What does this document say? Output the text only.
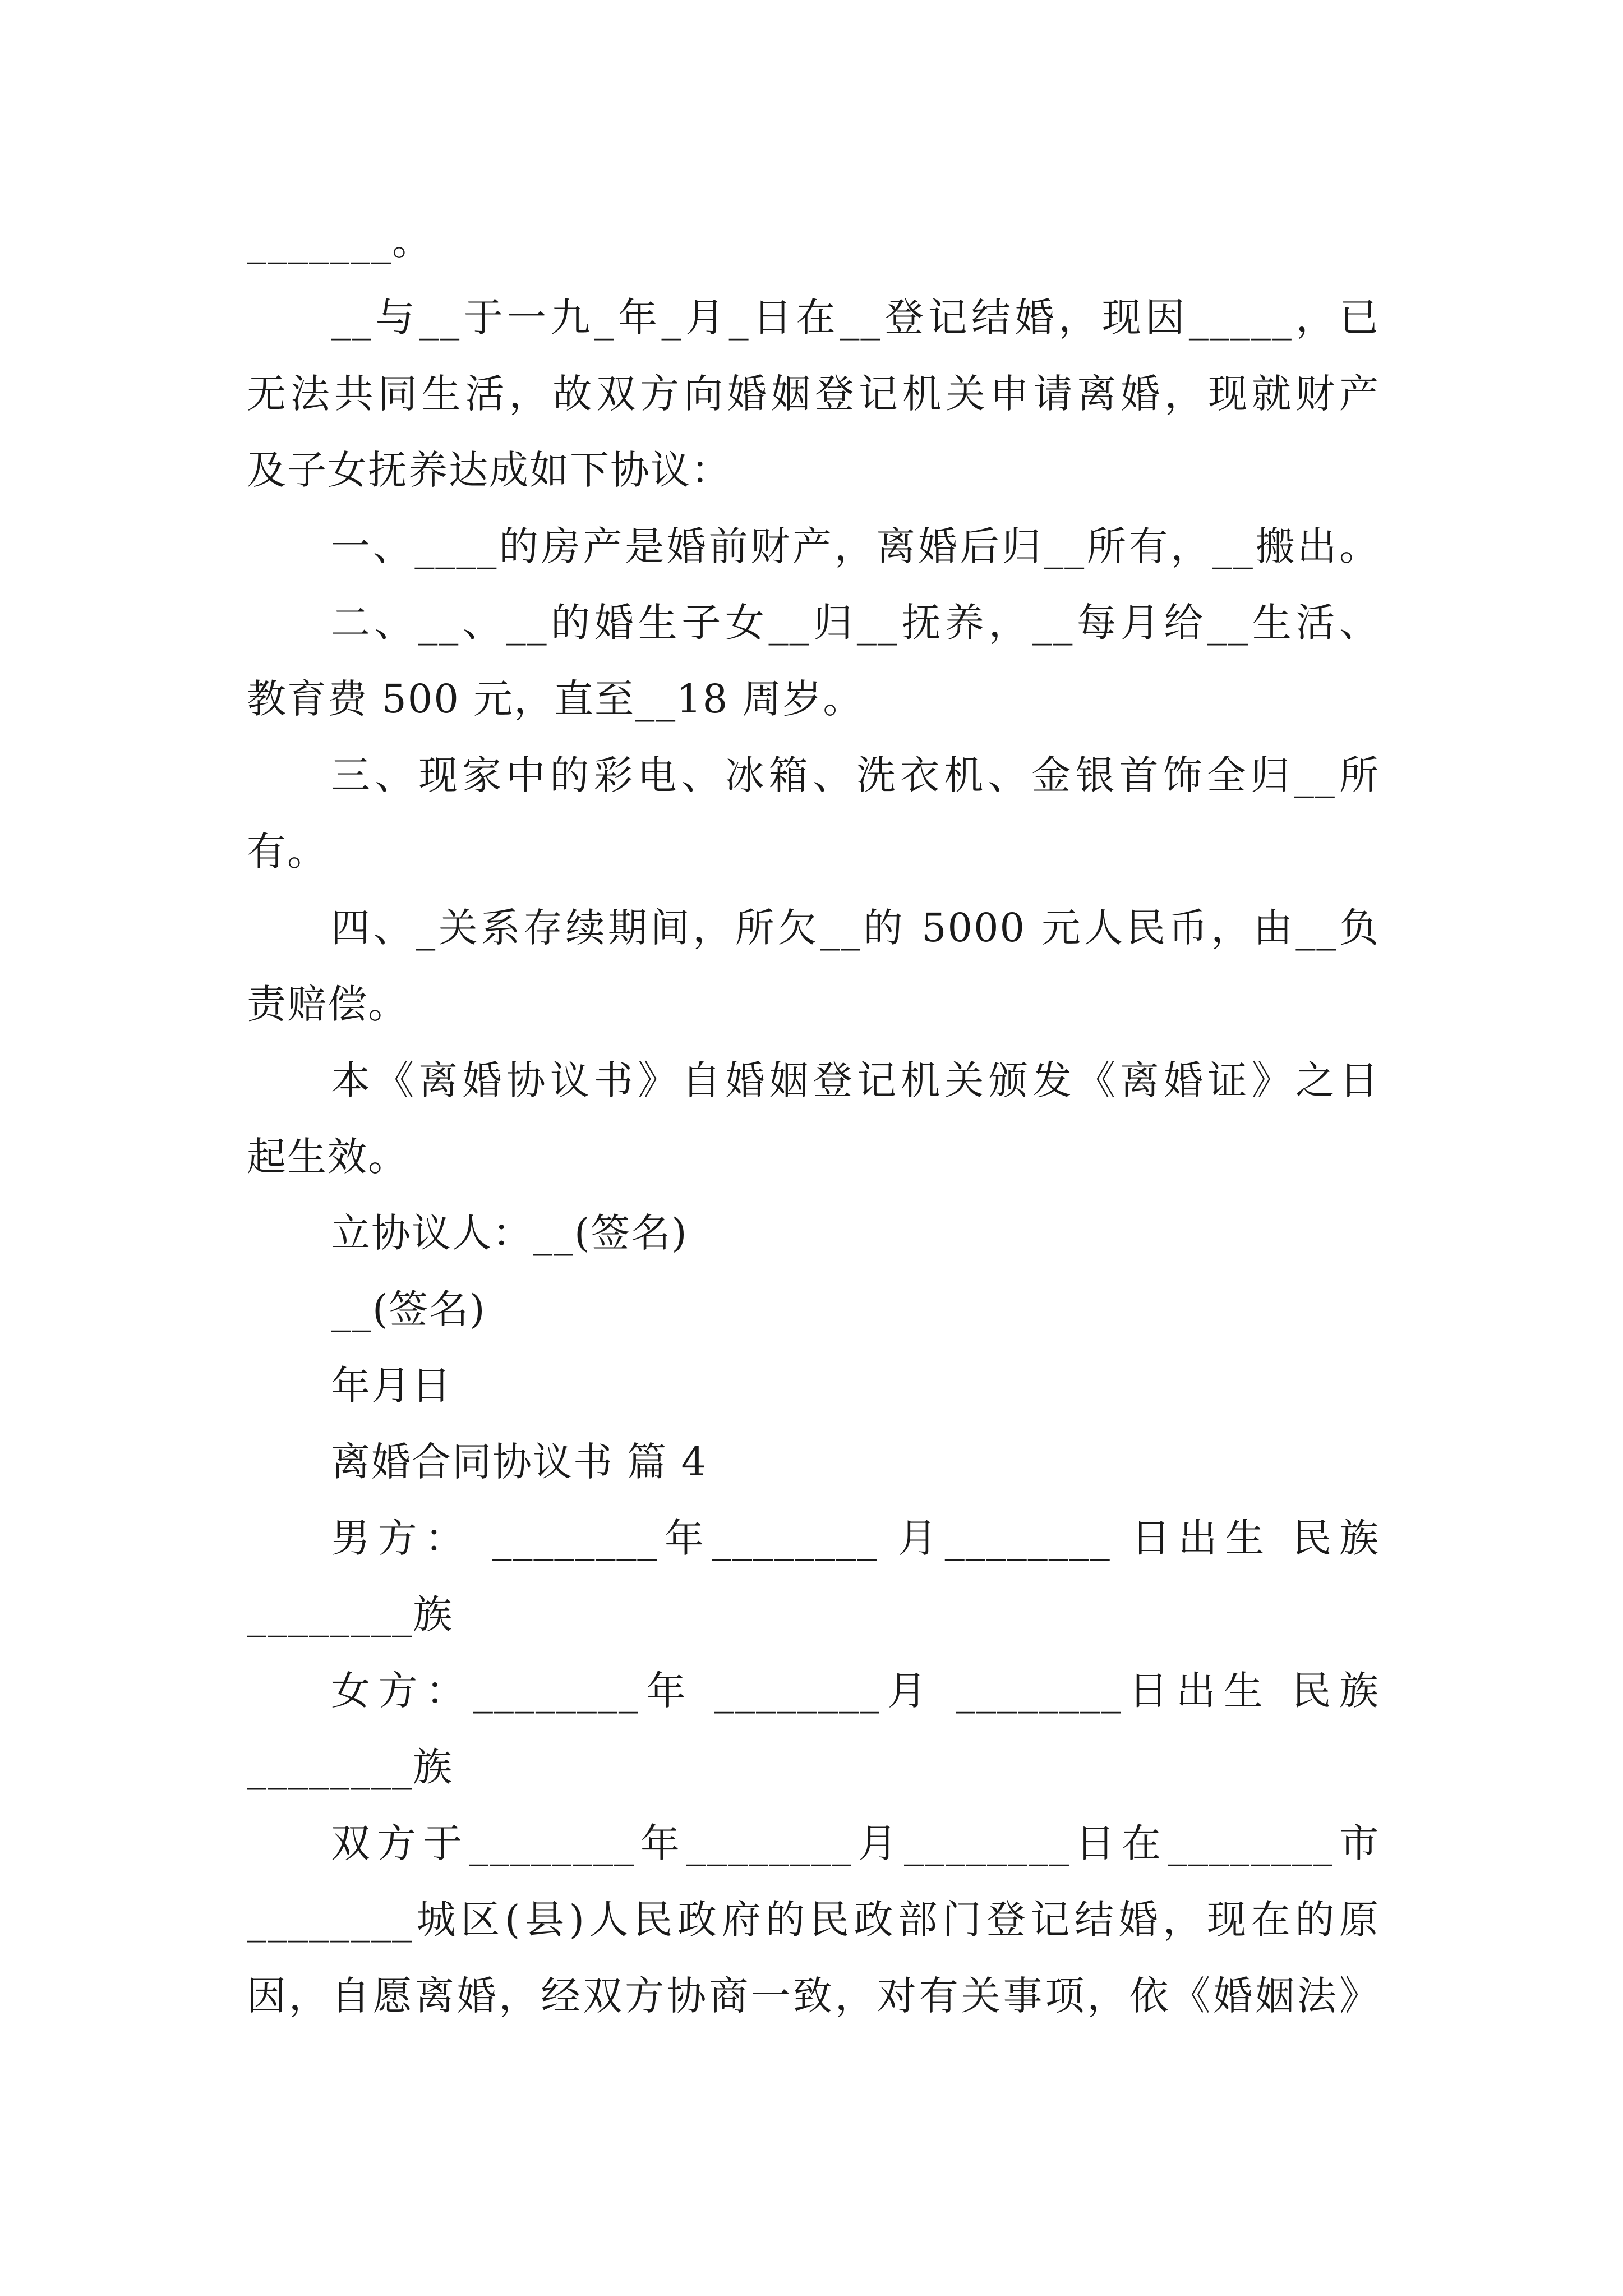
_______。
__与__于一九_年_月_日在__登记结婚，现因_____，已
无法共同生活，故双方向婚姻登记机关申请离婚，现就财产
及子女抚养达成如下协议：
一、____的房产是婚前财产，离婚后归__所有，__搬出。
二、__、__的婚生子女__归__抚养，__每月给__生活、
教育费 500 元，直至__18 周岁。
三、现家中的彩电、冰箱、洗衣机、金银首饰全归__所
有。
四、_关系存续期间，所欠__的 5000 元人民币，由__负
责赔偿。
本《离婚协议书》自婚姻登记机关颁发《离婚证》之日
起生效。
立协议人：__(签名)
__(签名)
年月日
离婚合同协议书 篇 4
男方： ________年________ 月________ 日出生 民族
________族
女方：________年 ________月 ________日出生 民族
________族
双方于________年________月________日在________市
________城区(县)人民政府的民政部门登记结婚，现在的原
因，自愿离婚，经双方协商一致，对有关事项，依《婚姻法》
